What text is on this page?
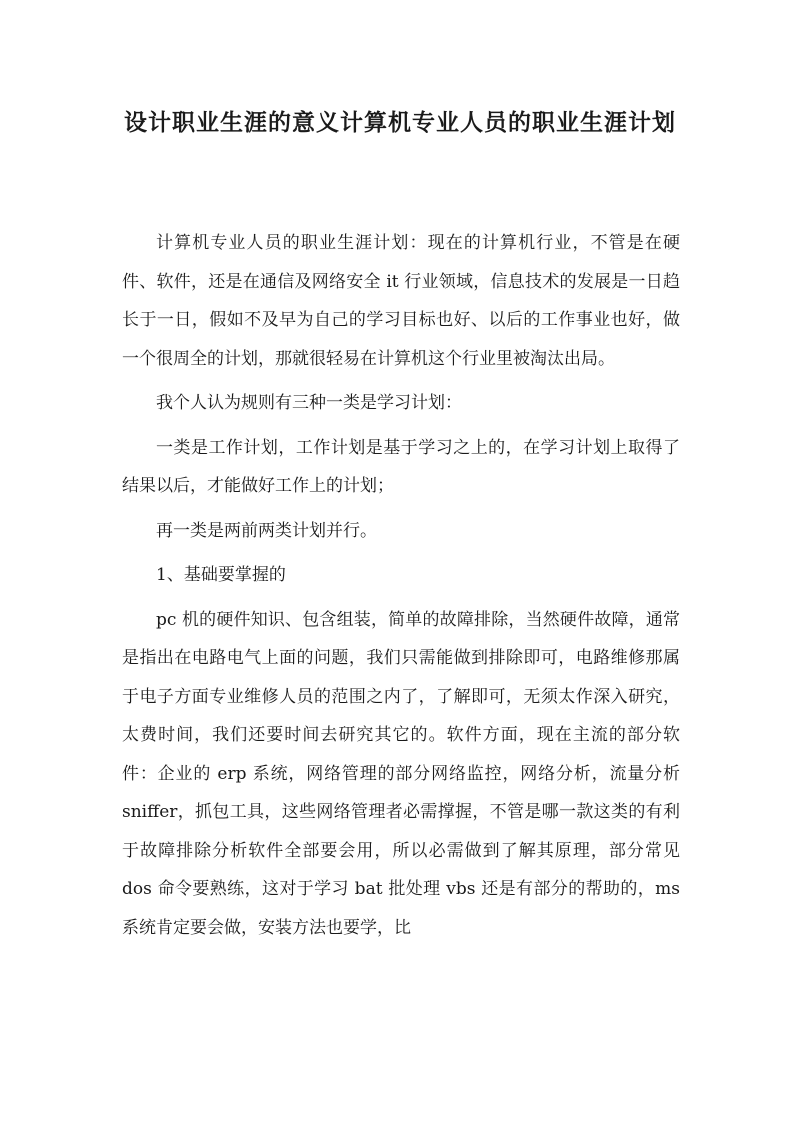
设计职业生涯的意义计算机专业人员的职业生涯计划

计算机专业人员的职业生涯计划：现在的计算机行业，不管是在硬件、软件，还是在通信及网络安全 it 行业领域，信息技术的发展是一日趋长于一日，假如不及早为自己的学习目标也好、以后的工作事业也好，做一个很周全的计划，那就很轻易在计算机这个行业里被淘汰出局。

我个人认为规则有三种一类是学习计划：

一类是工作计划，工作计划是基于学习之上的，在学习计划上取得了结果以后，才能做好工作上的计划；

再一类是两前两类计划并行。

1、基础要掌握的

pc 机的硬件知识、包含组装，简单的故障排除，当然硬件故障，通常是指出在电路电气上面的问题，我们只需能做到排除即可，电路维修那属于电子方面专业维修人员的范围之内了，了解即可，无须太作深入研究，太费时间，我们还要时间去研究其它的。软件方面，现在主流的部分软件：企业的 erp 系统，网络管理的部分网络监控，网络分析，流量分析 sniffer，抓包工具，这些网络管理者必需撑握，不管是哪一款这类的有利于故障排除分析软件全部要会用，所以必需做到了解其原理，部分常见 dos 命令要熟练，这对于学习 bat 批处理 vbs 还是有部分的帮助的，ms 系统肯定要会做，安装方法也要学，比
